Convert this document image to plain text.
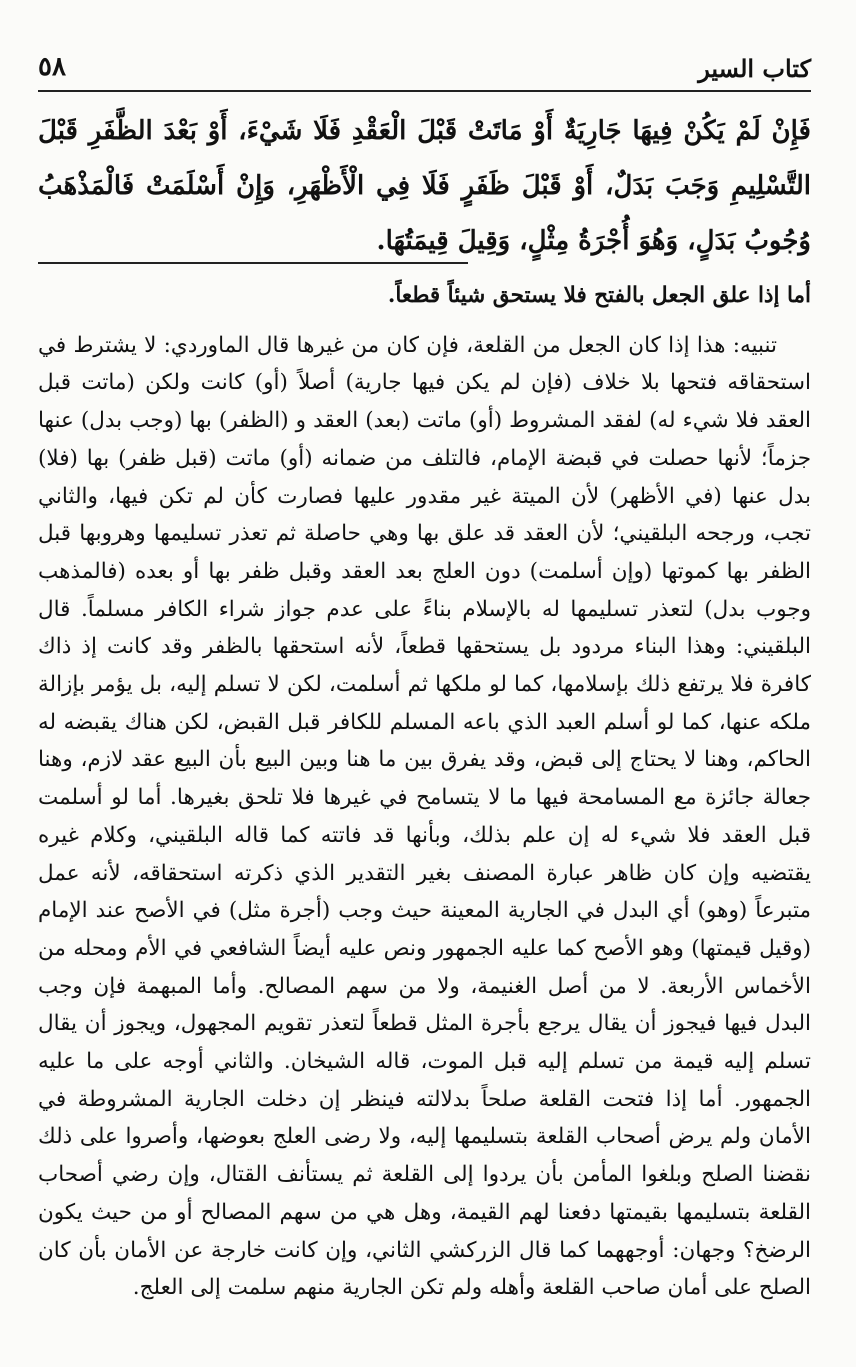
كتاب السير
٥٨
فَإِنْ لَمْ يَكُنْ فِيهَا جَارِيَةٌ أَوْ مَاتَتْ قَبْلَ الْعَقْدِ فَلَا شَيْءَ، أَوْ بَعْدَ الظَّفَرِ قَبْلَ التَّسْلِيمِ وَجَبَ بَدَلٌ، أَوْ قَبْلَ ظَفَرٍ فَلَا فِي الْأَظْهَرِ، وَإِنْ أَسْلَمَتْ فَالْمَذْهَبُ وُجُوبُ بَدَلٍ، وَهُوَ أُجْرَةُ مِثْلٍ، وَقِيلَ قِيمَتُهَا.

أما إذا علق الجعل بالفتح فلا يستحق شيئاً قطعاً.

تنبيه: هذا إذا كان الجعل من القلعة، فإن كان من غيرها قال الماوردي: لا يشترط في استحقاقه فتحها بلا خلاف (فإن لم يكن فيها جارية) أصلاً (أو) كانت ولكن (ماتت قبل العقد فلا شيء له) لفقد المشروط (أو) ماتت (بعد) العقد و (الظفر) بها (وجب بدل) عنها جزماً؛ لأنها حصلت في قبضة الإمام، فالتلف من ضمانه (أو) ماتت (قبل ظفر) بها (فلا) بدل عنها (في الأظهر) لأن الميتة غير مقدور عليها فصارت كأن لم تكن فيها، والثاني تجب، ورجحه البلقيني؛ لأن العقد قد علق بها وهي حاصلة ثم تعذر تسليمها وهروبها قبل الظفر بها كموتها (وإن أسلمت) دون العلج بعد العقد وقبل ظفر بها أو بعده (فالمذهب وجوب بدل) لتعذر تسليمها له بالإسلام بناءً على عدم جواز شراء الكافر مسلماً. قال البلقيني: وهذا البناء مردود بل يستحقها قطعاً، لأنه استحقها بالظفر وقد كانت إذ ذاك كافرة فلا يرتفع ذلك بإسلامها، كما لو ملكها ثم أسلمت، لكن لا تسلم إليه، بل يؤمر بإزالة ملكه عنها، كما لو أسلم العبد الذي باعه المسلم للكافر قبل القبض، لكن هناك يقبضه له الحاكم، وهنا لا يحتاج إلى قبض، وقد يفرق بين ما هنا وبين البيع بأن البيع عقد لازم، وهنا جعالة جائزة مع المسامحة فيها ما لا يتسامح في غيرها فلا تلحق بغيرها. أما لو أسلمت قبل العقد فلا شيء له إن علم بذلك، وبأنها قد فاتته كما قاله البلقيني، وكلام غيره يقتضيه وإن كان ظاهر عبارة المصنف بغير التقدير الذي ذكرته استحقاقه، لأنه عمل متبرعاً (وهو) أي البدل في الجارية المعينة حيث وجب (أجرة مثل) في الأصح عند الإمام (وقيل قيمتها) وهو الأصح كما عليه الجمهور ونص عليه أيضاً الشافعي في الأم ومحله من الأخماس الأربعة. لا من أصل الغنيمة، ولا من سهم المصالح. وأما المبهمة فإن وجب البدل فيها فيجوز أن يقال يرجع بأجرة المثل قطعاً لتعذر تقويم المجهول، ويجوز أن يقال تسلم إليه قيمة من تسلم إليه قبل الموت، قاله الشيخان. والثاني أوجه على ما عليه الجمهور. أما إذا فتحت القلعة صلحاً بدلالته فينظر إن دخلت الجارية المشروطة في الأمان ولم يرض أصحاب القلعة بتسليمها إليه، ولا رضى العلج بعوضها، وأصروا على ذلك نقضنا الصلح وبلغوا المأمن بأن يردوا إلى القلعة ثم يستأنف القتال، وإن رضي أصحاب القلعة بتسليمها بقيمتها دفعنا لهم القيمة، وهل هي من سهم المصالح أو من حيث يكون الرضخ؟ وجهان: أوجههما كما قال الزركشي الثاني، وإن كانت خارجة عن الأمان بأن كان الصلح على أمان صاحب القلعة وأهله ولم تكن الجارية منهم سلمت إلى العلج.
